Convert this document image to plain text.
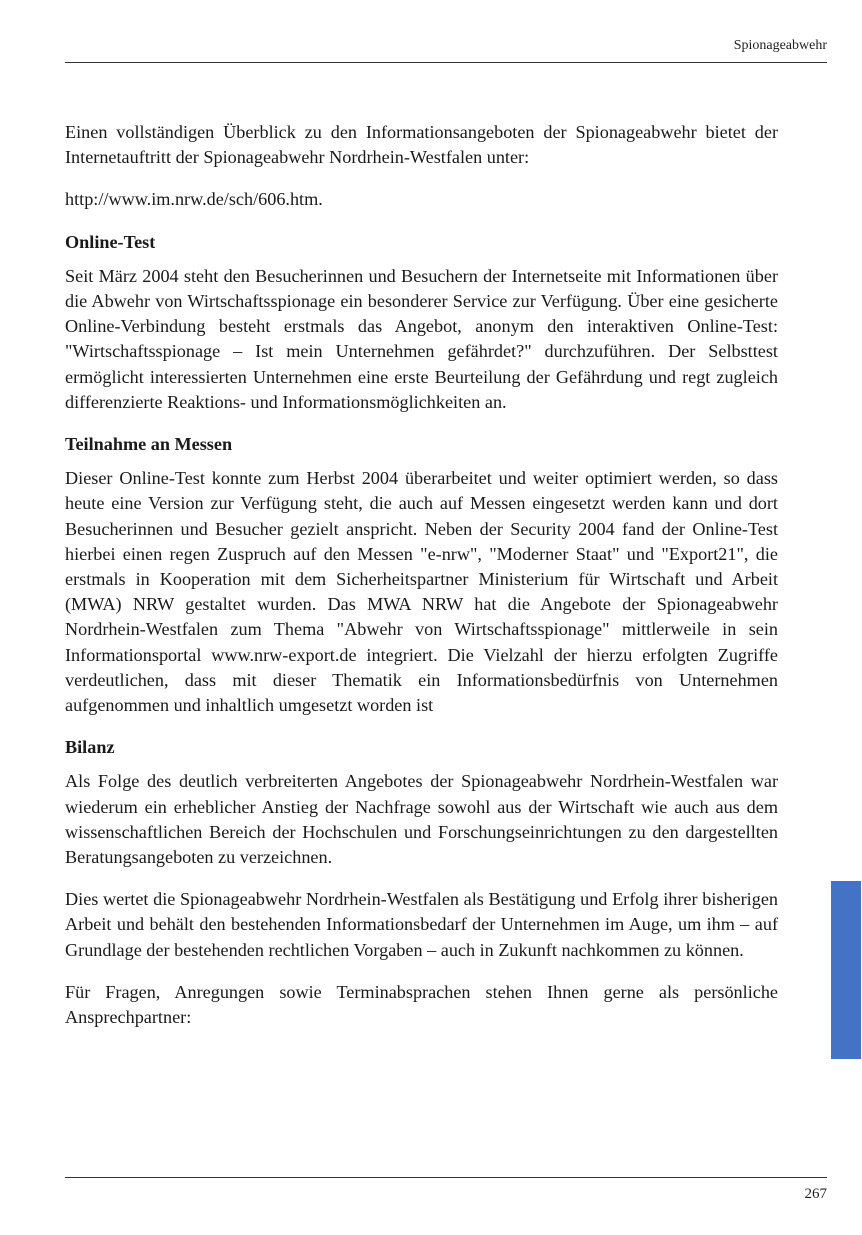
Spionageabwehr

Einen vollständigen Überblick zu den Informationsangeboten der Spionageabwehr bietet der Internetauftritt der Spionageabwehr Nordrhein-Westfalen unter:

http://www.im.nrw.de/sch/606.htm.

Online-Test

Seit März 2004 steht den Besucherinnen und Besuchern der Internetseite mit Informationen über die Abwehr von Wirtschaftsspionage ein besonderer Service zur Verfügung. Über eine gesicherte Online-Verbindung besteht erstmals das Angebot, anonym den interaktiven Online-Test: "Wirtschaftsspionage – Ist mein Unternehmen gefährdet?" durchzuführen. Der Selbsttest ermöglicht interessierten Unternehmen eine erste Beurteilung der Gefährdung und regt zugleich differenzierte Reaktions- und Informationsmöglichkeiten an.

Teilnahme an Messen

Dieser Online-Test konnte zum Herbst 2004 überarbeitet und weiter optimiert werden, so dass heute eine Version zur Verfügung steht, die auch auf Messen eingesetzt werden kann und dort Besucherinnen und Besucher gezielt anspricht. Neben der Security 2004 fand der Online-Test hierbei einen regen Zuspruch auf den Messen "e-nrw", "Moderner Staat" und "Export21", die erstmals in Kooperation mit dem Sicherheitspartner Ministerium für Wirtschaft und Arbeit (MWA) NRW gestaltet wurden. Das MWA NRW hat die Angebote der Spionageabwehr Nordrhein-Westfalen zum Thema "Abwehr von Wirtschaftsspionage" mittlerweile in sein Informationsportal www.nrw-export.de integriert. Die Vielzahl der hierzu erfolgten Zugriffe verdeutlichen, dass mit dieser Thematik ein Informationsbedürfnis von Unternehmen aufgenommen und inhaltlich umgesetzt worden ist

Bilanz

Als Folge des deutlich verbreiterten Angebotes der Spionageabwehr Nordrhein-Westfalen war wiederum ein erheblicher Anstieg der Nachfrage sowohl aus der Wirtschaft wie auch aus dem wissenschaftlichen Bereich der Hochschulen und Forschungseinrichtungen zu den dargestellten Beratungsangeboten zu verzeichnen.

Dies wertet die Spionageabwehr Nordrhein-Westfalen als Bestätigung und Erfolg ihrer bisherigen Arbeit und behält den bestehenden Informationsbedarf der Unternehmen im Auge, um ihm – auf Grundlage der bestehenden rechtlichen Vorgaben – auch in Zukunft nachkommen zu können.

Für Fragen, Anregungen sowie Terminabsprachen stehen Ihnen gerne als persönliche Ansprechpartner:

267
